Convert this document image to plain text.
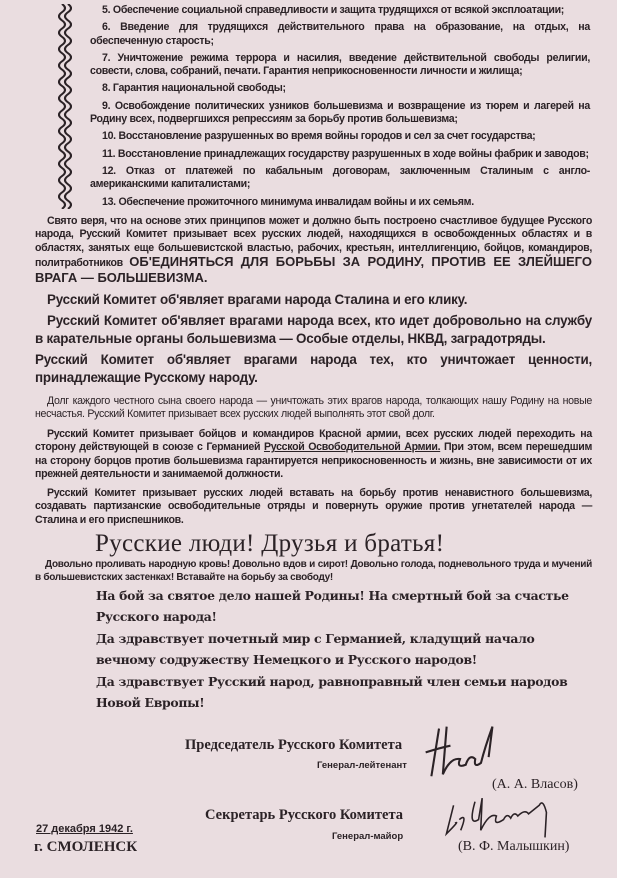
5. Обеспечение социальной справедливости и защита трудящихся от всякой эксплоатации;
6. Введение для трудящихся действительного права на образование, на отдых, на обеспеченную старость;
7. Уничтожение режима террора и насилия, введение действительной свободы религии, совести, слова, собраний, печати. Гарантия неприкосновенности личности и жилища;
8. Гарантия национальной свободы;
9. Освобождение политических узников большевизма и возвращение из тюрем и лагерей на Родину всех, подвергшихся репрессиям за борьбу против большевизма;
10. Восстановление разрушенных во время войны городов и сел за счет государства;
11. Восстановление принадлежащих государству разрушенных в ходе войны фабрик и заводов;
12. Отказ от платежей по кабальным договорам, заключенным Сталиным с англо-американскими капиталистами;
13. Обеспечение прожиточного минимума инвалидам войны и их семьям.
Свято веря, что на основе этих принципов может и должно быть построено счастливое будущее Русского народа, Русский Комитет призывает всех русских людей, находящихся в освобожденных областях и в областях, занятых еще большевистской властью, рабочих, крестьян, интеллигенцию, бойцов, командиров, политработников ОБ'ЕДИНЯТЬСЯ ДЛЯ БОРЬБЫ ЗА РОДИНУ, ПРОТИВ ЕЕ ЗЛЕЙШЕГО ВРАГА — БОЛЬШЕВИЗМА.
Русский Комитет об'являет врагами народа Сталина и его клику.
Русский Комитет об'являет врагами народа всех, кто идет добровольно на службу в карательные органы большевизма — Особые отделы, НКВД, заградотряды.
Русский Комитет об'являет врагами народа тех, кто уничтожает ценности, принадлежащие Русскому народу.
Долг каждого честного сына своего народа — уничтожать этих врагов народа, толкающих нашу Родину на новые несчастья. Русский Комитет призывает всех русских людей выполнять этот свой долг.
Русский Комитет призывает бойцов и командиров Красной армии, всех русских людей переходить на сторону действующей в союзе с Германией Русской Освободительной Армии. При этом, всем перешедшим на сторону борцов против большевизма гарантируется неприкосновенность и жизнь, вне зависимости от их прежней деятельности и занимаемой должности.
Русский Комитет призывает русских людей вставать на борьбу против ненавистного большевизма, создавать партизанские освободительные отряды и повернуть оружие против угнетателей народа — Сталина и его приспешников.
Русские люди! Друзья и братья!
Довольно проливать народную кровь! Довольно вдов и сирот! Довольно голода, подневольного труда и мучений в большевистских застенках! Вставайте на борьбу за свободу!
На бой за святое дело нашей Родины! На смертный бой за счастье Русского народа!
Да здравствует почетный мир с Германией, кладущий начало вечному содружеству Немецкого и Русского народов!
Да здравствует Русский народ, равноправный член семьи народов Новой Европы!
Председатель Русского Комитета
Генерал-лейтенант
(А. А. Власов)
Секретарь Русского Комитета
Генерал-майор
(В. Ф. Малышкин)
27 декабря 1942 г.
г. СМОЛЕНСК
